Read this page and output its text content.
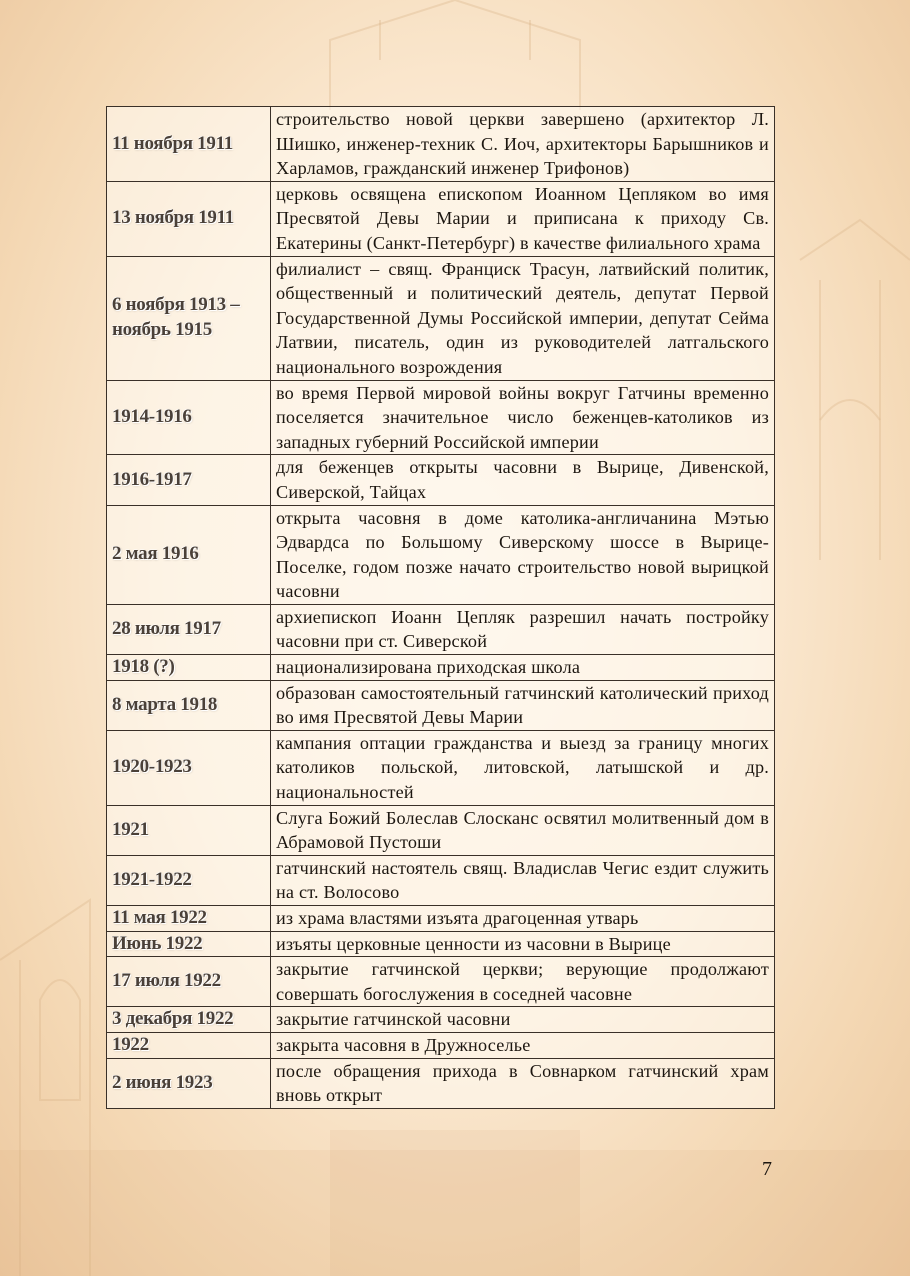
11 ноября 1911	строительство новой церкви завершено (архитектор Л. Шишко, инженер-техник С. Иоч, архитекторы Барышников и Харламов, гражданский инженер Трифонов)
13 ноября 1911	церковь освящена епископом Иоанном Цепляком во имя Пресвятой Девы Марии и приписана к приходу Св. Екатерины (Санкт-Петербург) в качестве филиального храма
6 ноября 1913 – ноябрь 1915	филиалист – свящ. Франциск Трасун, латвийский политик, общественный и политический деятель, депутат Первой Государственной Думы Российской империи, депутат Сейма Латвии, писатель, один из руководителей латгальского национального возрождения
1914-1916	во время Первой мировой войны вокруг Гатчины временно поселяется значительное число беженцев-католиков из западных губерний Российской империи
1916-1917	для беженцев открыты часовни в Вырице, Дивенской, Сиверской, Тайцах
2 мая 1916	открыта часовня в доме католика-англичанина Мэтью Эдвардса по Большому Сиверскому шоссе в Вырице-Поселке, годом позже начато строительство новой вырицкой часовни
28 июля 1917	архиепископ Иоанн Цепляк разрешил начать постройку часовни при ст. Сиверской
1918 (?)	национализирована приходская школа
8 марта 1918	образован самостоятельный гатчинский католический приход во имя Пресвятой Девы Марии
1920-1923	кампания оптации гражданства и выезд за границу многих католиков польской, литовской, латышской и др. национальностей
1921	Слуга Божий Болеслав Слосканс освятил молитвенный дом в Абрамовой Пустоши
1921-1922	гатчинский настоятель свящ. Владислав Чегис ездит служить на ст. Волосово
11 мая 1922	из храма властями изъята драгоценная утварь
Июнь 1922	изъяты церковные ценности из часовни в Вырице
17 июля 1922	закрытие гатчинской церкви; верующие продолжают совершать богослужения в соседней часовне
3 декабря 1922	закрытие гатчинской часовни
1922	закрыта часовня в Дружноселье
2 июня 1923	после обращения прихода в Совнарком гатчинский храм вновь открыт
7
